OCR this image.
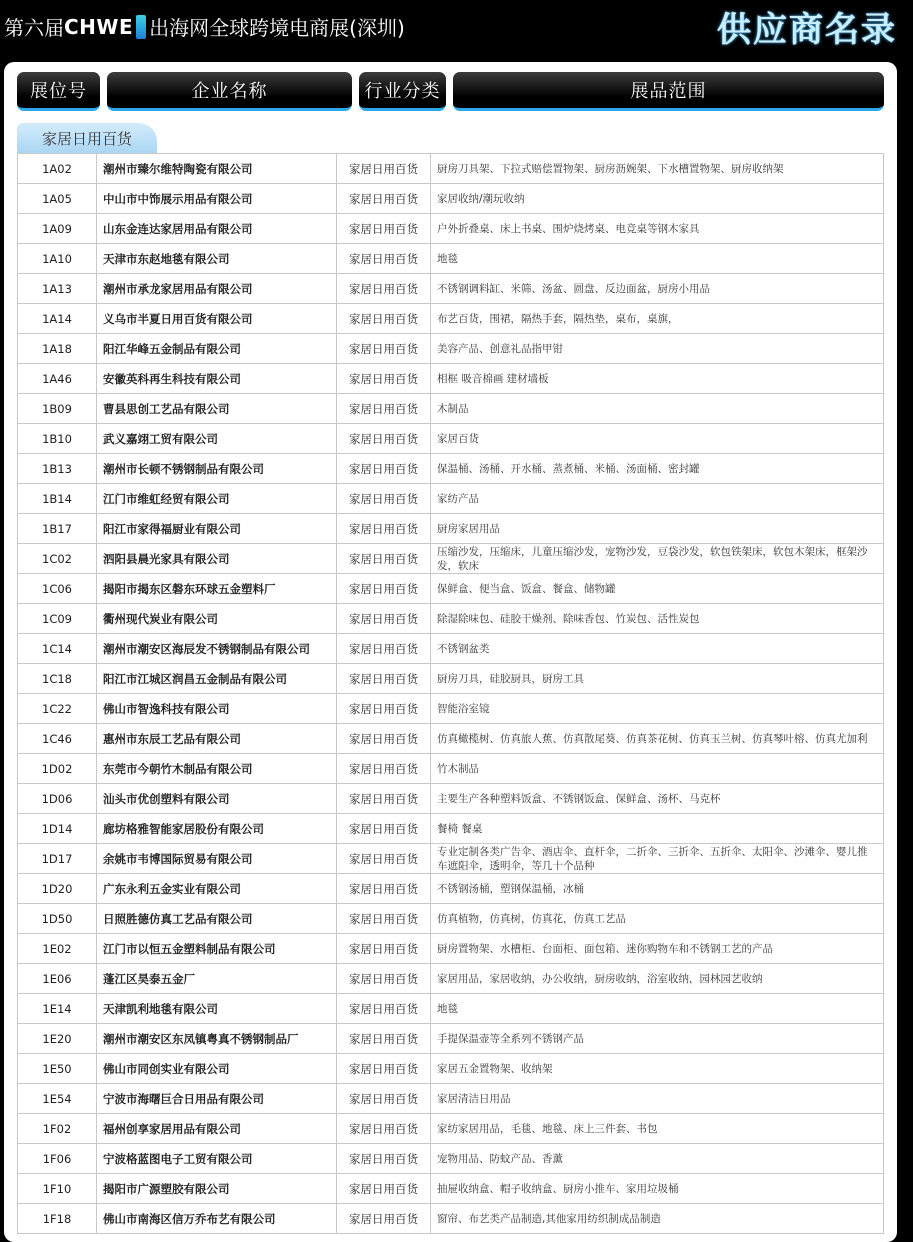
第六届 CHWE 出海网全球跨境电商展(深圳)	供应商名录
展位号	企业名称	行业分类	展品范围
家居日用百货
1A02	潮州市臻尔维特陶瓷有限公司	家居日用百货	厨房刀具架、下拉式赔偿置物架、厨房沥婉架、下水槽置物架、厨房收纳架
1A05	中山市中饰展示用品有限公司	家居日用百货	家居收纳/潮玩收纳
1A09	山东金连达家居用品有限公司	家居日用百货	户外折叠桌、床上书桌、围炉烧烤桌、电竞桌等钢木家具
1A10	天津市东赵地毯有限公司	家居日用百货	地毯
1A13	潮州市承龙家居用品有限公司	家居日用百货	不锈钢调料缸、米筛、汤盆、圆盘、反边面盆，厨房小用品
1A14	义乌市半夏日用百货有限公司	家居日用百货	布艺百货，围裙，隔热手套，隔热垫，桌布，桌旗，
1A18	阳江华峰五金制品有限公司	家居日用百货	美容产品、创意礼品指甲钳
1A46	安徽英科再生科技有限公司	家居日用百货	相框 吸音棉画 建材墙板
1B09	曹县思创工艺品有限公司	家居日用百货	木制品
1B10	武义嘉翊工贸有限公司	家居日用百货	家居百货
1B13	潮州市长顿不锈钢制品有限公司	家居日用百货	保温桶、汤桶、开水桶、蒸煮桶、米桶、汤面桶、密封罐
1B14	江门市维虹经贸有限公司	家居日用百货	家纺产品
1B17	阳江市家得福厨业有限公司	家居日用百货	厨房家居用品
1C02	泗阳县晨光家具有限公司	家居日用百货	压缩沙发，压缩床，儿童压缩沙发，宠物沙发，豆袋沙发，软包铁架床，软包木架床，框架沙发，软床
1C06	揭阳市揭东区磐东环球五金塑料厂	家居日用百货	保鲜盒、便当盒、饭盒、餐盒、储物罐
1C09	衢州现代炭业有限公司	家居日用百货	除湿除味包、硅胶干燥剂、除味香包、竹炭包、活性炭包
1C14	潮州市潮安区海辰发不锈钢制品有限公司	家居日用百货	不锈钢盆类
1C18	阳江市江城区润昌五金制品有限公司	家居日用百货	厨房刀具，硅胶厨具，厨房工具
1C22	佛山市智逸科技有限公司	家居日用百货	智能浴室镜
1C46	惠州市东辰工艺品有限公司	家居日用百货	仿真橄榄树、仿真旅人蕉、仿真散尾葵、仿真茶花树、仿真玉兰树、仿真琴叶榕、仿真尤加利
1D02	东莞市今朝竹木制品有限公司	家居日用百货	竹木制品
1D06	汕头市优创塑料有限公司	家居日用百货	主要生产各种塑料饭盒、不锈钢饭盒、保鲜盒、汤杯、马克杯
1D14	廊坊格雅智能家居股份有限公司	家居日用百货	餐椅 餐桌
1D17	余姚市韦博国际贸易有限公司	家居日用百货	专业定制各类广告伞、酒店伞、直杆伞，二折伞、三折伞、五折伞、太阳伞、沙滩伞、婴儿推车遮阳伞，透明伞，等几十个品种
1D20	广东永利五金实业有限公司	家居日用百货	不锈钢汤桶，塑钢保温桶，冰桶
1D50	日照胜德仿真工艺品有限公司	家居日用百货	仿真植物，仿真树，仿真花，仿真工艺品
1E02	江门市以恒五金塑料制品有限公司	家居日用百货	厨房置物架、水槽柜、台面柜、面包箱、迷你购物车和不锈钢工艺的产品
1E06	蓬江区昊泰五金厂	家居日用百货	家居用品，家居收纳，办公收纳，厨房收纳，浴室收纳，园林园艺收纳
1E14	天津凯利地毯有限公司	家居日用百货	地毯
1E20	潮州市潮安区东凤镇粤真不锈钢制品厂	家居日用百货	手提保温壶等全系列不锈钢产品
1E50	佛山市同创实业有限公司	家居日用百货	家居五金置物架、收纳架
1E54	宁波市海曙巨合日用品有限公司	家居日用百货	家居清洁日用品
1F02	福州创享家居用品有限公司	家居日用百货	家纺家居用品，毛毯、地毯、床上三件套、书包
1F06	宁波格蓝图电子工贸有限公司	家居日用百货	宠物用品、防蚊产品、香薰
1F10	揭阳市广源塑胶有限公司	家居日用百货	抽屉收纳盒、帽子收纳盒、厨房小推车、家用垃圾桶
1F18	佛山市南海区信万乔布艺有限公司	家居日用百货	窗帘、布艺类产品制造,其他家用纺织制成品制造
